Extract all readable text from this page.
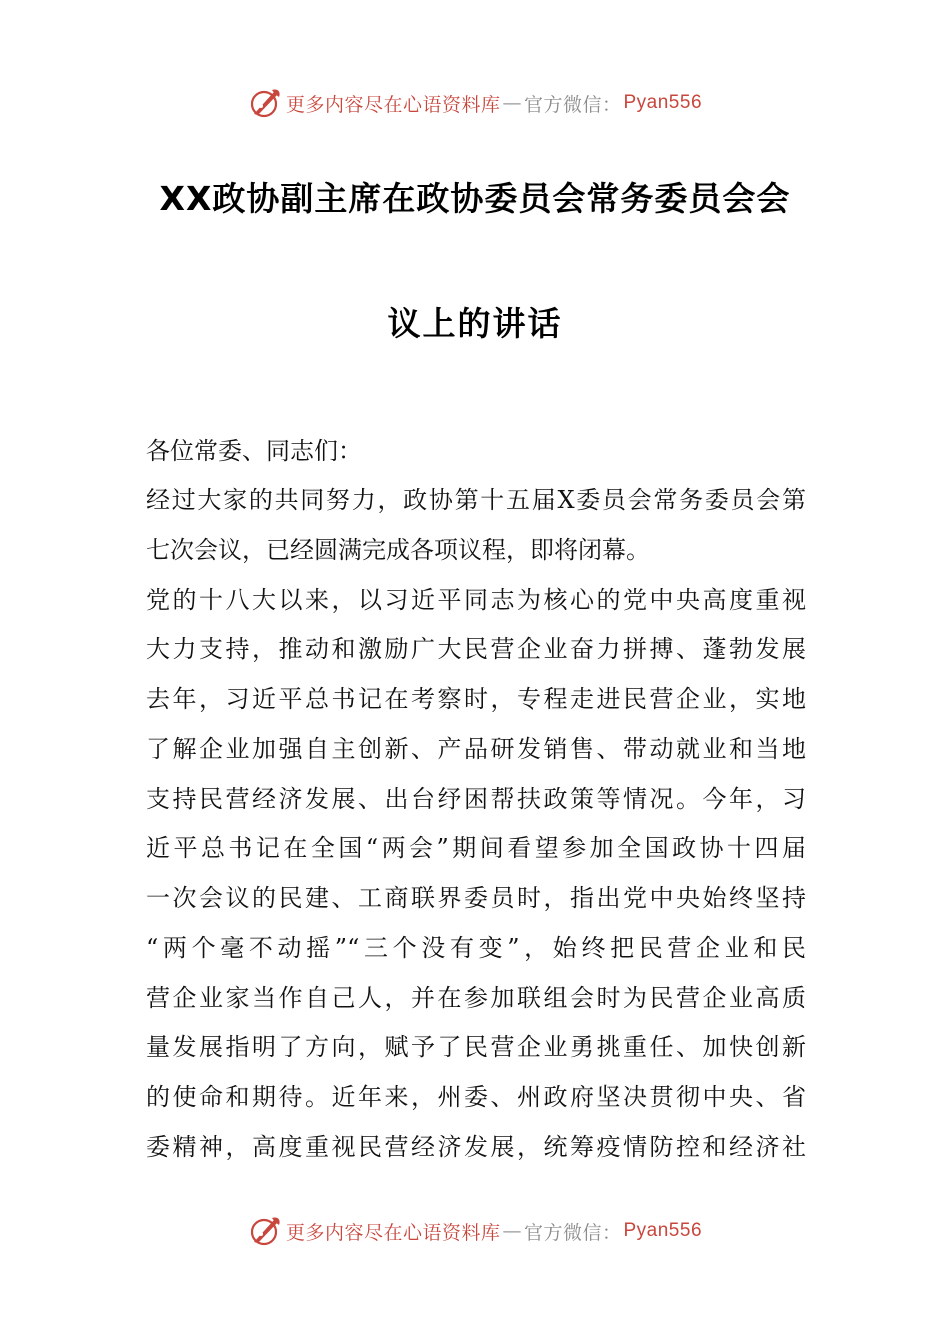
更多内容尽在心语资料库 — 官方微信： Pyan556
XX政协副主席在政协委员会常务委员会会
议上的讲话
各位常委、同志们：
经过大家的共同努力，政协第十五届X委员会常务委员会第
七次会议，已经圆满完成各项议程，即将闭幕。
党的十八大以来，以习近平同志为核心的党中央高度重视
大力支持，推动和激励广大民营企业奋力拼搏、蓬勃发展
去年，习近平总书记在考察时，专程走进民营企业，实地
了解企业加强自主创新、产品研发销售、带动就业和当地
支持民营经济发展、出台纾困帮扶政策等情况。今年，习
近平总书记在全国“两会”期间看望参加全国政协十四届
一次会议的民建、工商联界委员时，指出党中央始终坚持
“两个毫不动摇”“三个没有变”，始终把民营企业和民
营企业家当作自己人，并在参加联组会时为民营企业高质
量发展指明了方向，赋予了民营企业勇挑重任、加快创新
的使命和期待。近年来，州委、州政府坚决贯彻中央、省
委精神，高度重视民营经济发展，统筹疫情防控和经济社
更多内容尽在心语资料库 — 官方微信： Pyan556
